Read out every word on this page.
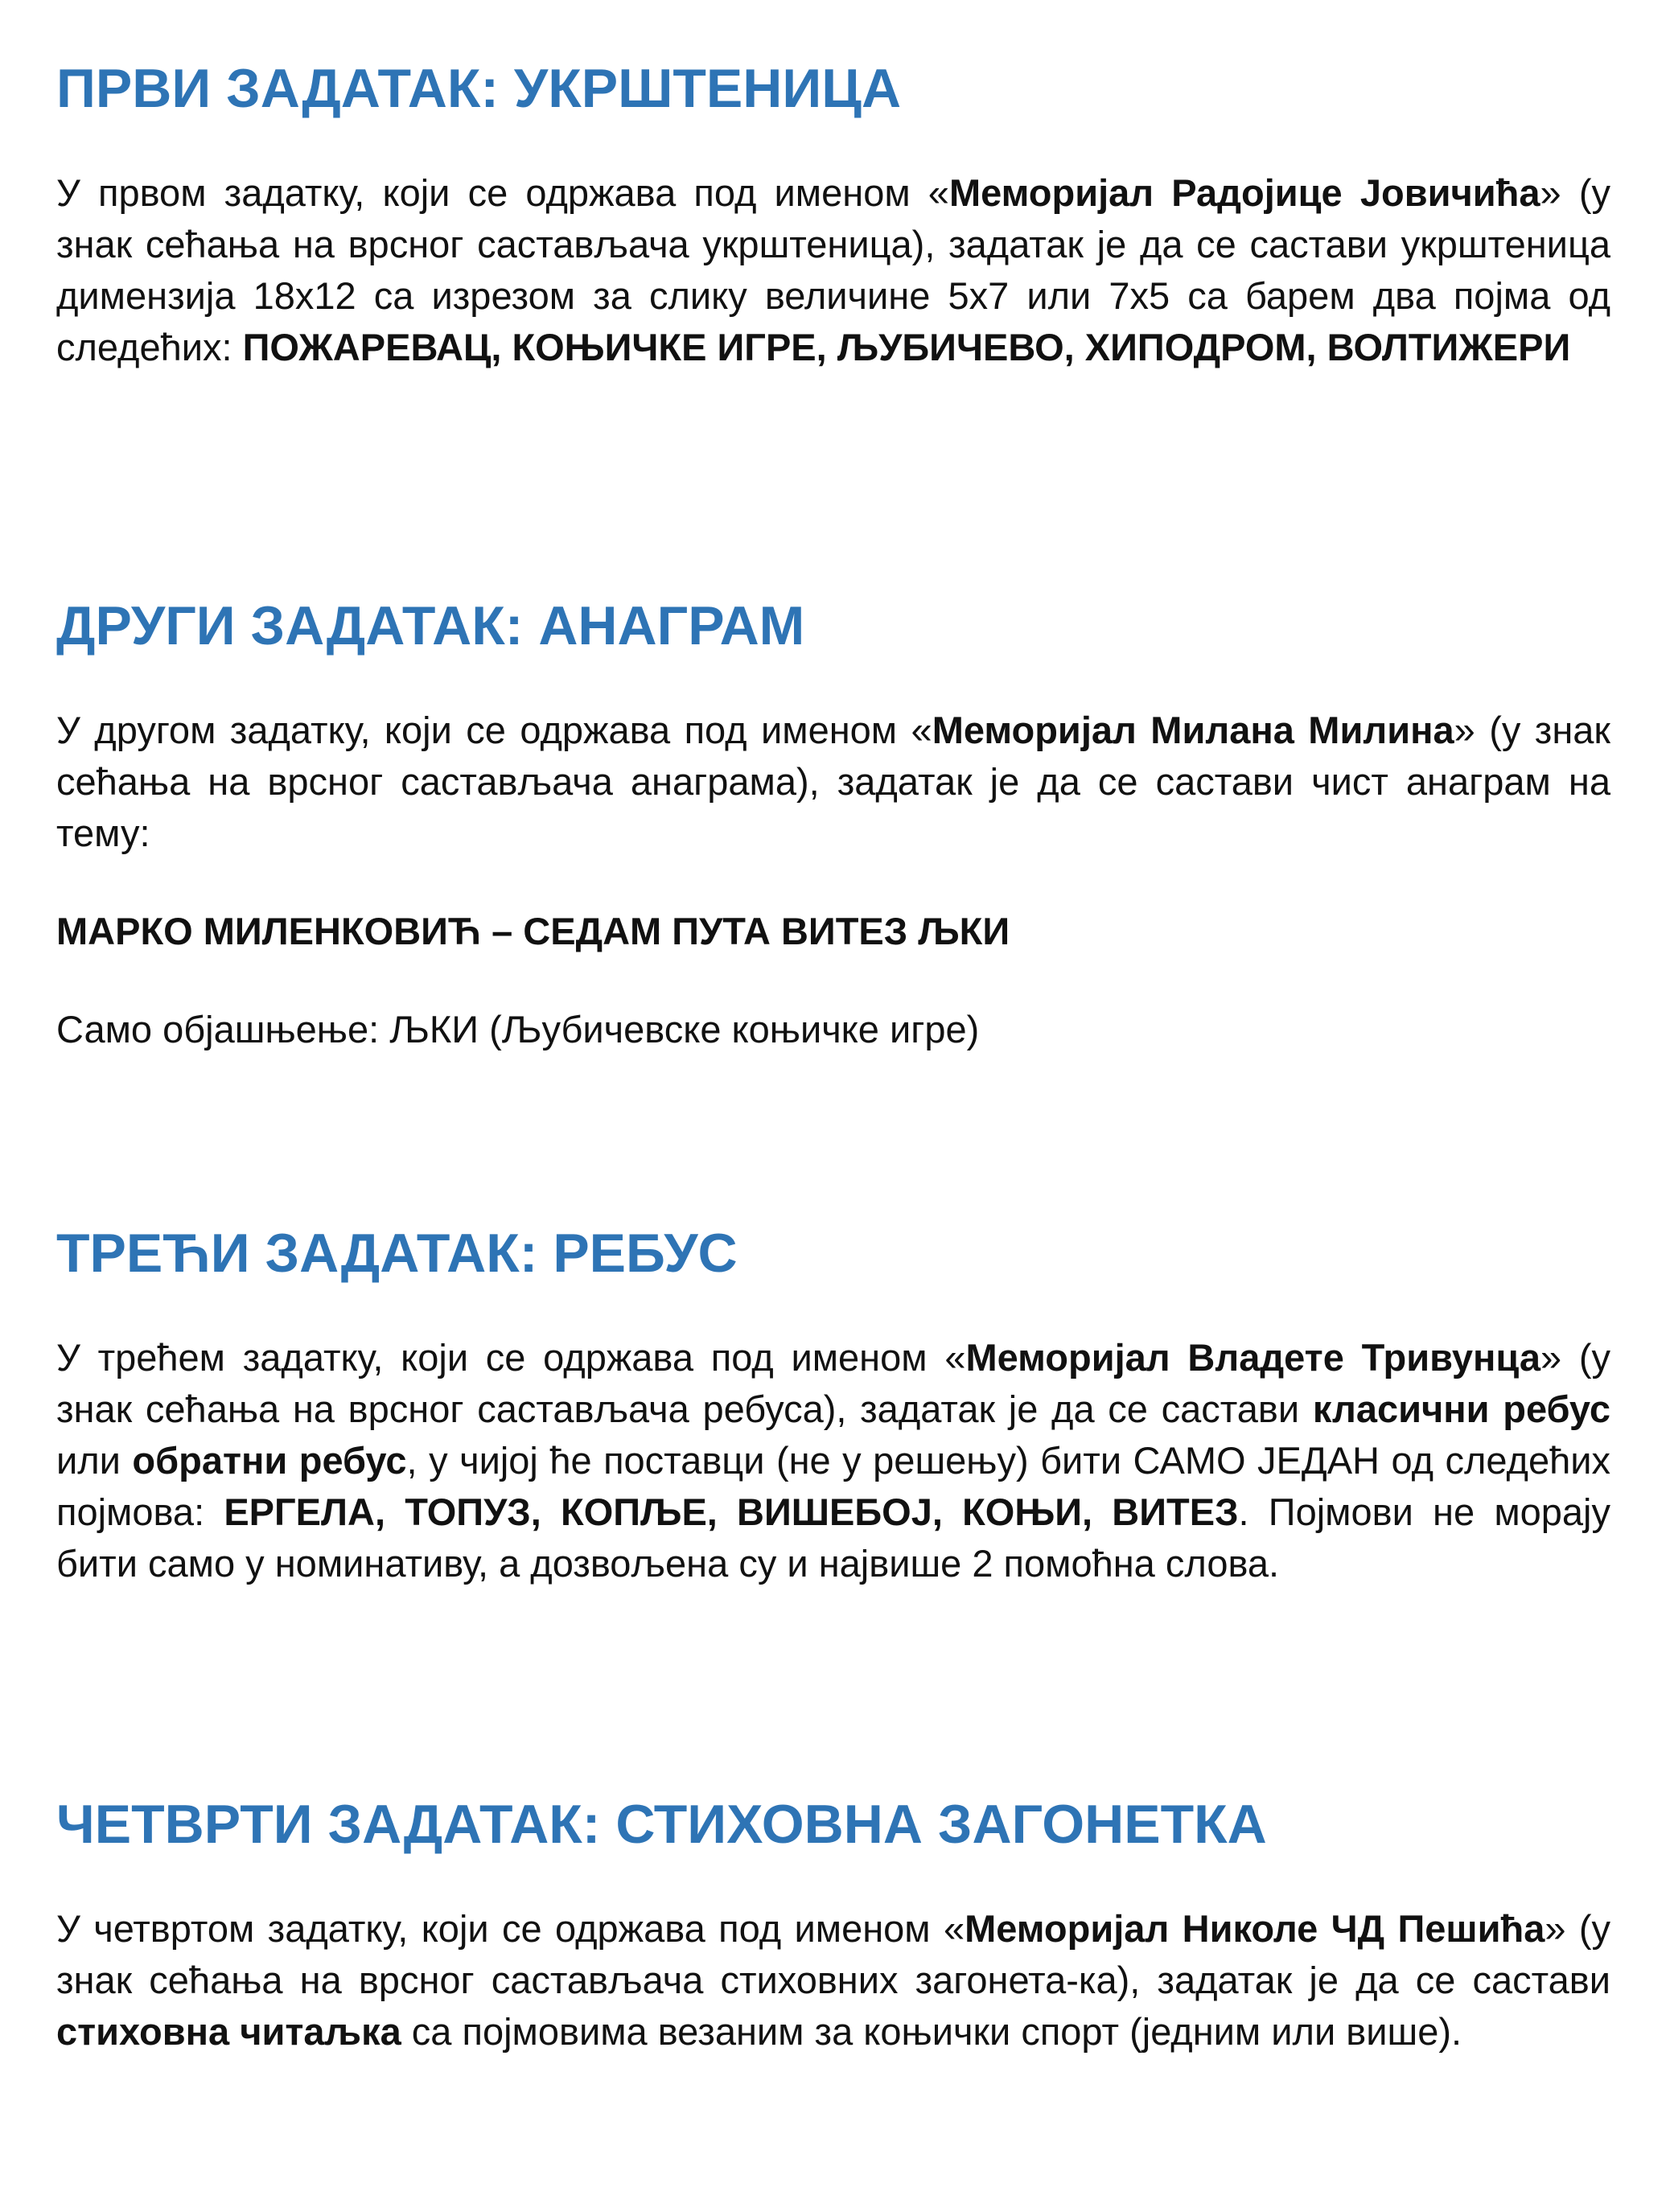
ПРВИ ЗАДАТАК: УКРШТЕНИЦА

У првом задатку, који се одржава под именом «Меморијал Радојице Јовичића» (у знак сећања на врсног састављача укрштеница), задатак је да се састави укрштеница димензија 18x12 са изрезом за слику величине 5x7 или 7x5 са барем два појма од следећих: ПОЖАРЕВАЦ, КОЊИЧКЕ ИГРЕ, ЉУБИЧЕВО, ХИПОДРОМ, ВОЛТИЖЕРИ

ДРУГИ ЗАДАТАК: АНАГРАМ

У другом задатку, који се одржава под именом «Меморијал Милана Милина» (у знак сећања на врсног састављача анаграма), задатак је да се састави чист анаграм на тему:

МАРКО МИЛЕНКОВИЋ – СЕДАМ ПУТА ВИТЕЗ ЉКИ

Само објашњење: ЉКИ (Љубичевске коњичке игре)

ТРЕЋИ ЗАДАТАК: РЕБУС

У трећем задатку, који се одржава под именом «Меморијал Владете Тривунца» (у знак сећања на врсног састављача ребуса), задатак је да се састави класични ребус или обратни ребус, у чијој ће поставци (не у решењу) бити САМО ЈЕДАН од следећих појмова: ЕРГЕЛА, ТОПУЗ, КОПЉЕ, ВИШЕБОЈ, КОЊИ, ВИТЕЗ. Појмови не морају бити само у номинативу, а дозвољена су и највише 2 помоћна слова.

ЧЕТВРТИ ЗАДАТАК: СТИХОВНА ЗАГОНЕТКА

У четвртом задатку, који се одржава под именом «Меморијал Николе ЧД Пешића» (у знак сећања на врсног састављача стиховних загонета-ка), задатак је да се састави стиховна читаљка са појмовима везаним за коњички спорт (једним или више).
